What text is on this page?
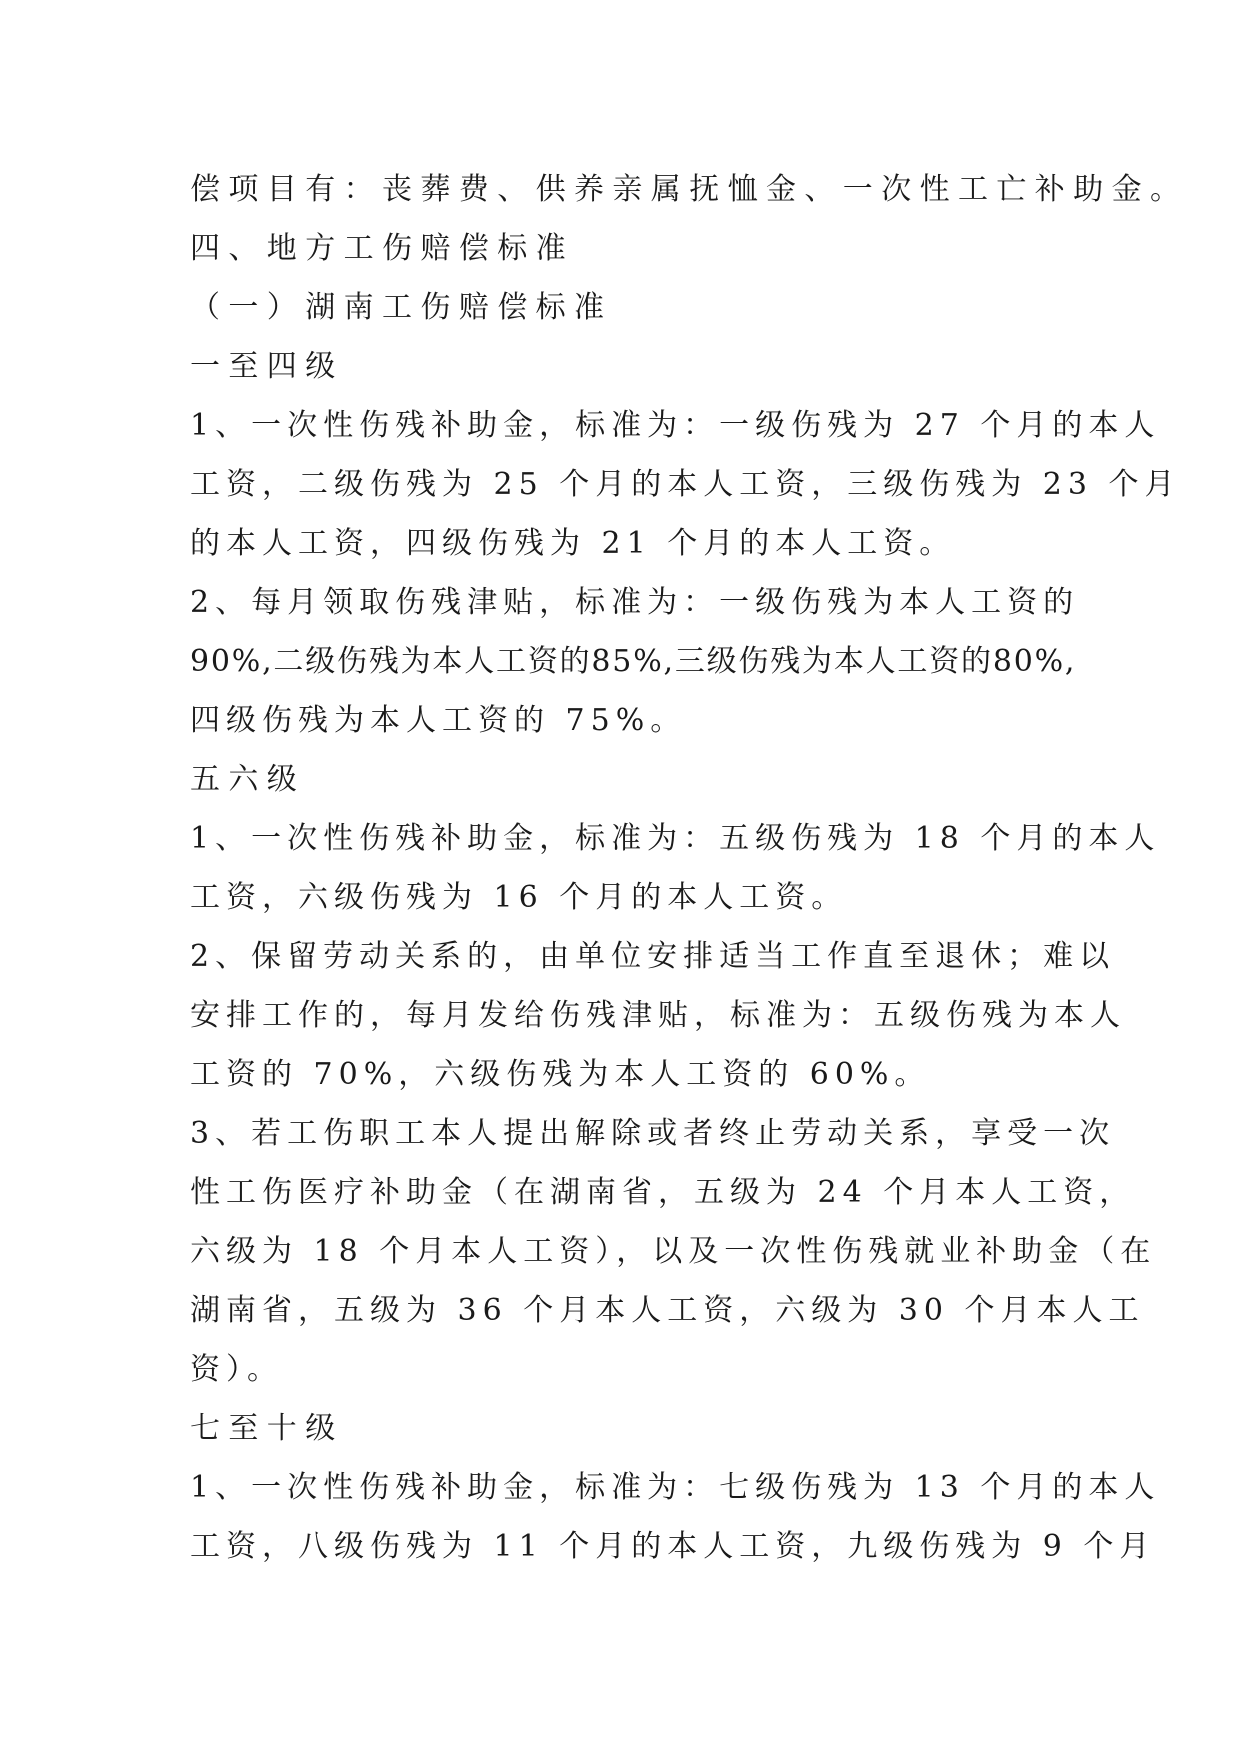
偿项目有：丧葬费、供养亲属抚恤金、一次性工亡补助金。
四、地方工伤赔偿标准
（一）湖南工伤赔偿标准
一至四级
1、一次性伤残补助金，标准为：一级伤残为 27 个月的本人
工资，二级伤残为 25 个月的本人工资，三级伤残为 23 个月
的本人工资，四级伤残为 21 个月的本人工资。
2、每月领取伤残津贴，标准为：一级伤残为本人工资的
90%,二级伤残为本人工资的85%,三级伤残为本人工资的80%,
四级伤残为本人工资的 75%。
五六级
1、一次性伤残补助金，标准为：五级伤残为 18 个月的本人
工资，六级伤残为 16 个月的本人工资。
2、保留劳动关系的，由单位安排适当工作直至退休；难以
安排工作的，每月发给伤残津贴，标准为：五级伤残为本人
工资的 70%，六级伤残为本人工资的 60%。
3、若工伤职工本人提出解除或者终止劳动关系，享受一次
性工伤医疗补助金（在湖南省，五级为 24 个月本人工资，
六级为 18 个月本人工资），以及一次性伤残就业补助金（在
湖南省，五级为 36 个月本人工资，六级为 30 个月本人工
资）。
七至十级
1、一次性伤残补助金，标准为：七级伤残为 13 个月的本人
工资，八级伤残为 11 个月的本人工资，九级伤残为 9 个月
